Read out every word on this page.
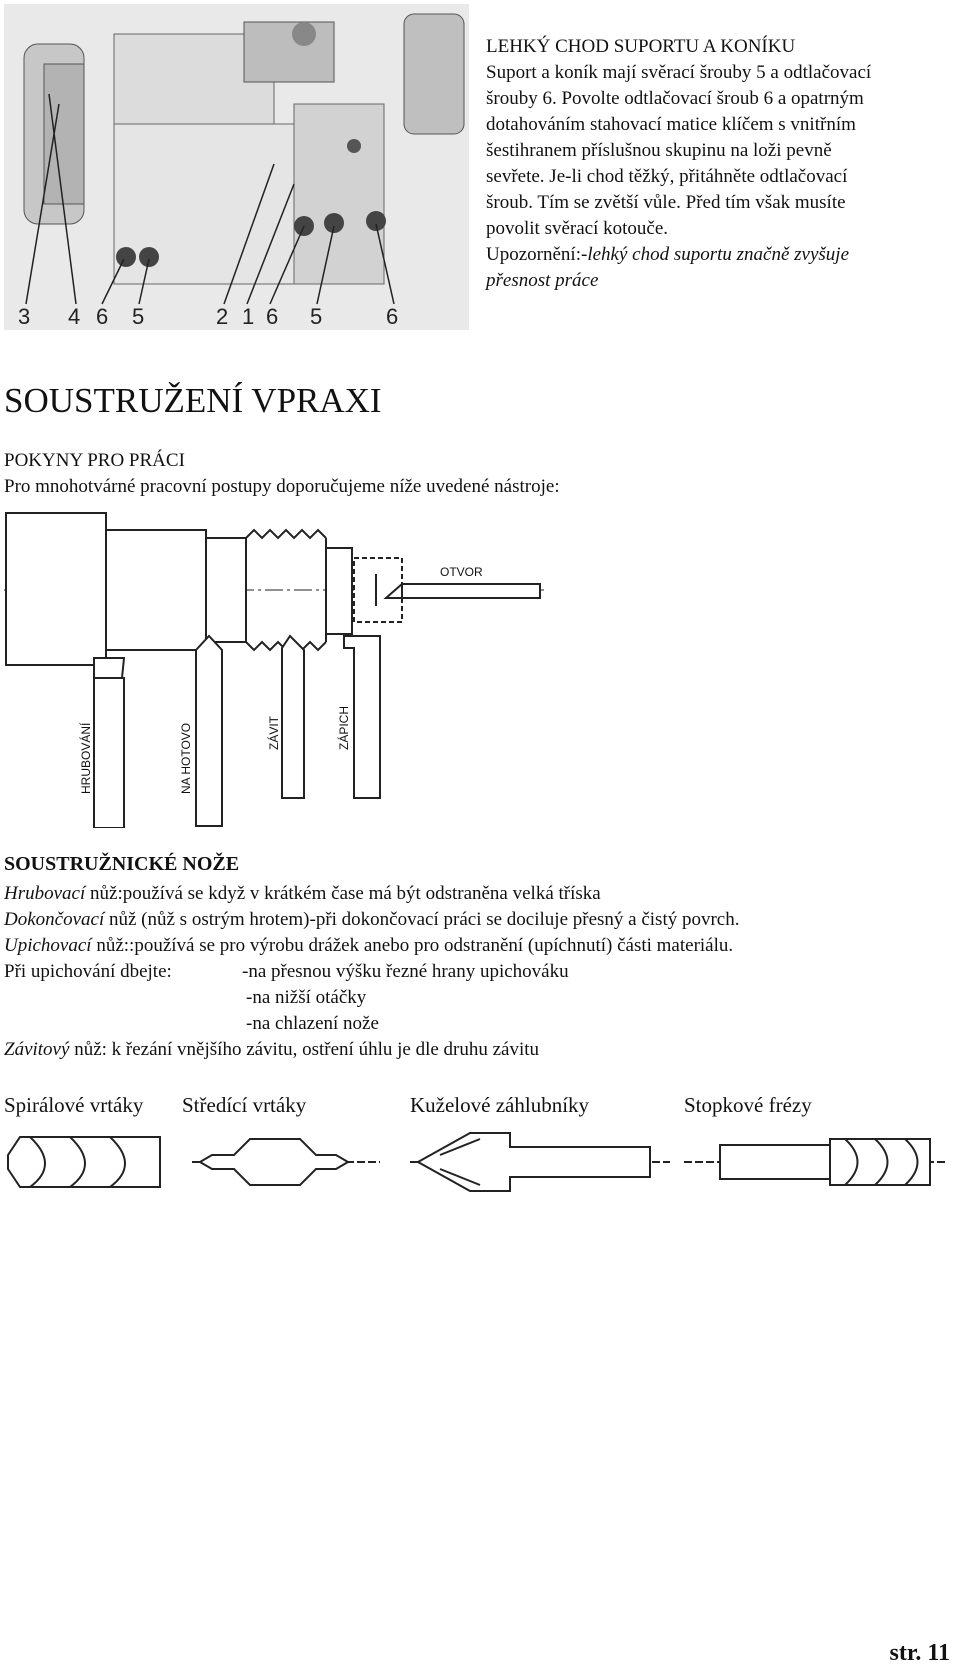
3 4 6 5	2 1 6 5	6

LEHKÝ CHOD SUPORTU A KONÍKU

Suport a koník mají svěrací šrouby 5 a odtlačovací

šrouby 6. Povolte odtlačovací šroub 6 a opatrným

dotahováním stahovací matice klíčem s vnitřním

šestihranem příslušnou skupinu na loži pevně

sevřete. Je-li chod těžký, přitáhněte odtlačovací

šroub. Tím se zvětší vůle. Před tím však musíte

povolit svěrací kotouče.

Upozornění:-lehký chod suportu značně zvyšuje

přesnost práce

SOUSTRUŽENÍ VPRAXI
POKYNY PRO PRÁCI
Pro mnohotvárné pracovní postupy doporučujeme níže uvedené nástroje:
OTVOR
HRUBOVÁNÍ	NA HOTOVO	ZÁVIT	ZÁPICH
SOUSTRUŽNICKÉ NOŽE
Hrubovací nůž:používá se když v krátkém čase má být odstraněna velká tříska
Dokončovací nůž (nůž s ostrým hrotem)-při dokončovací práci se dociluje přesný a čistý povrch.
Upichovací nůž::používá se pro výrobu drážek anebo pro odstranění (upíchnutí) části materiálu.
Při upichování dbejte:	-na přesnou výšku řezné hrany upichováku
-na nižší otáčky
-na chlazení nože
Závitový nůž: k řezání vnějšího závitu, ostření úhlu je dle druhu závitu
Spirálové vrtáky Středící vrtáky	Kuželové záhlubníky	Stopkové frézy
str. 11
